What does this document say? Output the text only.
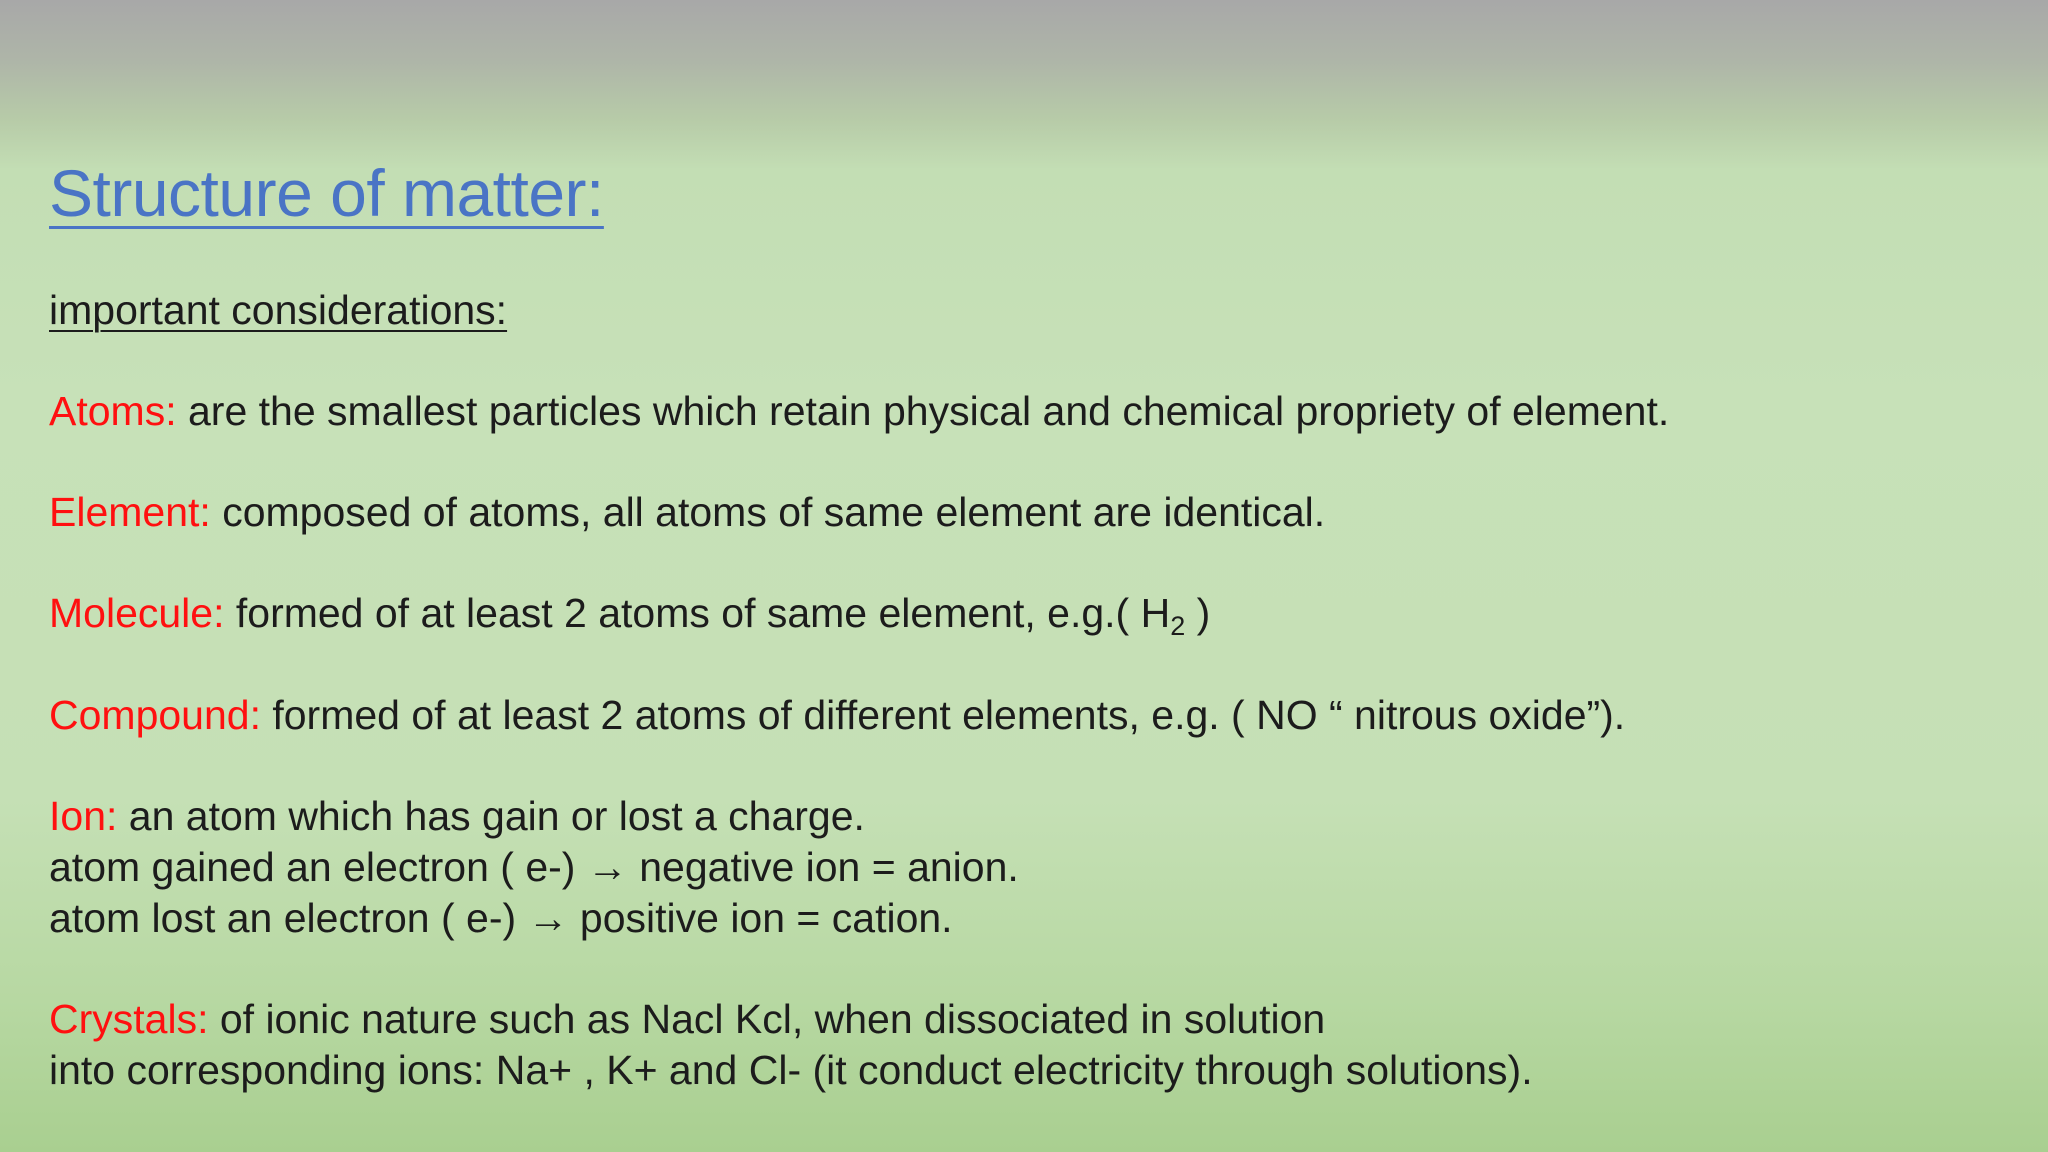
Structure of matter:
important considerations:
Atoms: are the smallest particles which retain physical and chemical propriety of element.
Element: composed of atoms, all atoms of same element are identical.
Molecule: formed of at least 2 atoms of same element, e.g.( $H_2$ )
Compound: formed of at least 2 atoms of different elements, e.g. ( NO “ nitrous oxide”).
Ion: an atom which has gain or lost a charge.
atom gained an electron ( e-) → negative ion = anion.
atom lost an electron ( e-) → positive ion = cation.
Crystals: of ionic nature such as Nacl Kcl, when dissociated in solution
into corresponding ions: Na+ , K+ and Cl- (it conduct electricity through solutions).
